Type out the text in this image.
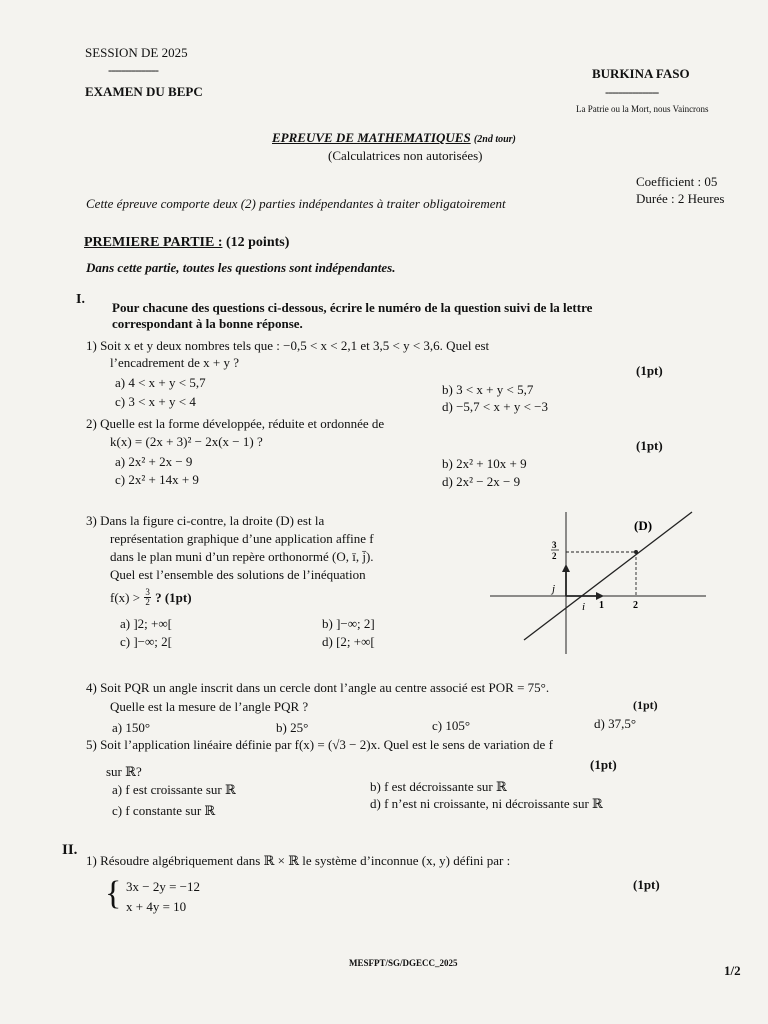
SESSION DE 2025
---------------
EXAMEN DU BEPC
BURKINA FASO
----------------
La Patrie ou la Mort, nous Vaincrons
EPREUVE DE MATHEMATIQUES (2nd tour)
(Calculatrices non autorisées)
Coefficient : 05
Durée : 2 Heures
Cette épreuve comporte deux (2) parties indépendantes à traiter obligatoirement
PREMIERE PARTIE : (12 points)
Dans cette partie, toutes les questions sont indépendantes.
I.
Pour chacune des questions ci-dessous, écrire le numéro de la question suivi de la lettre
correspondant à la bonne réponse.
1) Soit x et y deux nombres tels que : −0,5 < x < 2,1 et 3,5 < y < 3,6. Quel est
l’encadrement de x + y ?
(1pt)
a) 4 < x + y < 5,7	b) 3 < x + y < 5,7
c) 3 < x + y < 4	d) −5,7 < x + y < −3
2) Quelle est la forme développée, réduite et ordonnée de
k(x) = (2x + 3)² − 2x(x − 1) ?	(1pt)
a) 2x² + 2x − 9	b) 2x² + 10x + 9
c) 2x² + 14x + 9	d) 2x² − 2x − 9
3) Dans la figure ci-contre, la droite (D) est la
représentation graphique d’une application affine f
dans le plan muni d’un repère orthonormé (O, ī, j̄).
Quel est l’ensemble des solutions de l’inéquation
$f(x) > \frac{3}{2}$ ? (1pt)
a) ]2; +∞[	b) ]−∞; 2]
c) ]−∞; 2[	d) [2; +∞[
(D)
3
2
j
i 1	2
4) Soit PQR un angle inscrit dans un cercle dont l’angle au centre associé est POR = 75°.
Quelle est la mesure de l’angle PQR ?	(1pt)
a) 150°	b) 25°	c) 105°	d) 37,5°
5) Soit l’application linéaire définie par f(x) = (√3 − 2)x. Quel est le sens de variation de f
sur ℝ?	(1pt)
a) f est croissante sur ℝ	b) f est décroissante sur ℝ
c) f constante sur ℝ	d) f n’est ni croissante, ni décroissante sur ℝ
II.
1) Résoudre algébriquement dans ℝ × ℝ le système d’inconnue (x, y) défini par :
{ 3x − 2y = −12
x + 4y = 10
(1pt)
MESFPT/SG/DGECC_2025	1/2
